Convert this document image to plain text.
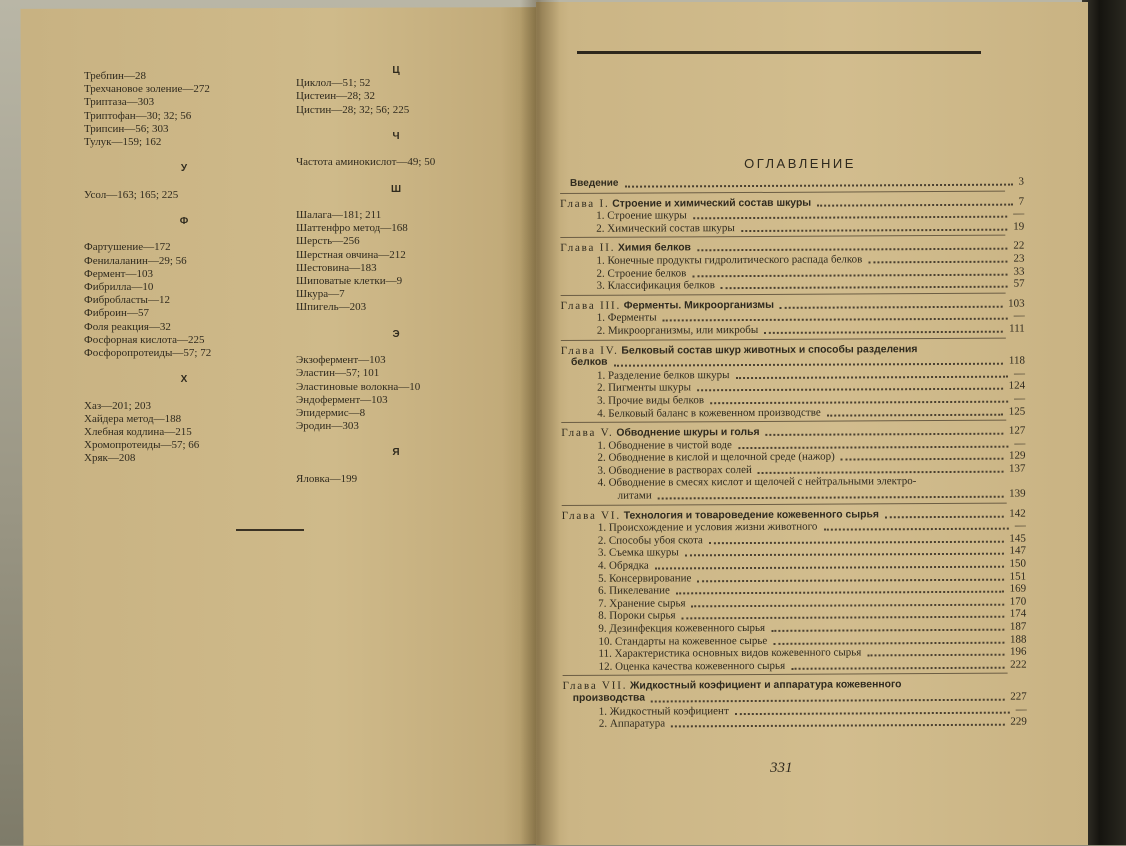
Требпин—28
Трехчановое золение—272
Триптаза—303
Триптофан—30; 32; 56
Трипсин—56; 303
Тулук—159; 162
У
Усол—163; 165; 225
Ф
Фартушение—172
Фенилаланин—29; 56
Фермент—103
Фибрилла—10
Фибробласты—12
Фиброин—57
Фоля реакция—32
Фосфорная кислота—225
Фосфоропротеиды—57; 72
Х
Хаз—201; 203
Хайдера метод—188
Хлебная кодлина—215
Хромопротеиды—57; 66
Хряк—208
Ц
Циклол—51; 52
Цистеин—28; 32
Цистин—28; 32; 56; 225
Ч
Частота аминокислот—49; 50
Ш
Шалага—181; 211
Шаттенфро метод—168
Шерсть—256
Шерстная овчина—212
Шестовина—183
Шиповатые клетки—9
Шкура—7
Шпигель—203
Э
Экзофермент—103
Эластин—57; 101
Эластиновые волокна—10
Эндофермент—103
Эпидермис—8
Эродин—303
Я
Яловка—199
ОГЛАВЛЕНИЕ
Введение	3
Глава I. Строение и химический состав шкуры	7
1. Строение шкуры	—
2. Химический состав шкуры	19
Глава II. Химия белков	22
1. Конечные продукты гидролитического распада белков	23
2. Строение белков	33
3. Классификация белков	57
Глава III. Ферменты. Микроорганизмы	103
1. Ферменты	—
2. Микроорганизмы, или микробы	111
Глава IV. Белковый состав шкур животных и способы разделения
белков	118
1. Разделение белков шкуры	—
2. Пигменты шкуры	124
3. Прочие виды белков	—
4. Белковый баланс в кожевенном производстве	125
Глава V. Обводнение шкуры и голья	127
1. Обводнение в чистой воде	—
2. Обводнение в кислой и щелочной среде (нажор)	129
3. Обводнение в растворах солей	137
4. Обводнение в смесях кислот и щелочей с нейтральными электро-
литами	139
Глава VI. Технология и товароведение кожевенного сырья	142
1. Происхождение и условия жизни животного	—
2. Способы убоя скота	145
3. Съемка шкуры	147
4. Обрядка	150
5. Консервирование	151
6. Пикелевание	169
7. Хранение сырья	170
8. Пороки сырья	174
9. Дезинфекция кожевенного сырья	187
10. Стандарты на кожевенное сырье	188
11. Характеристика основных видов кожевенного сырья	196
12. Оценка качества кожевенного сырья	222
Глава VII. Жидкостный коэфициент и аппаратура кожевенного
производства	227
1. Жидкостный коэфициент	—
2. Аппаратура	229
331
